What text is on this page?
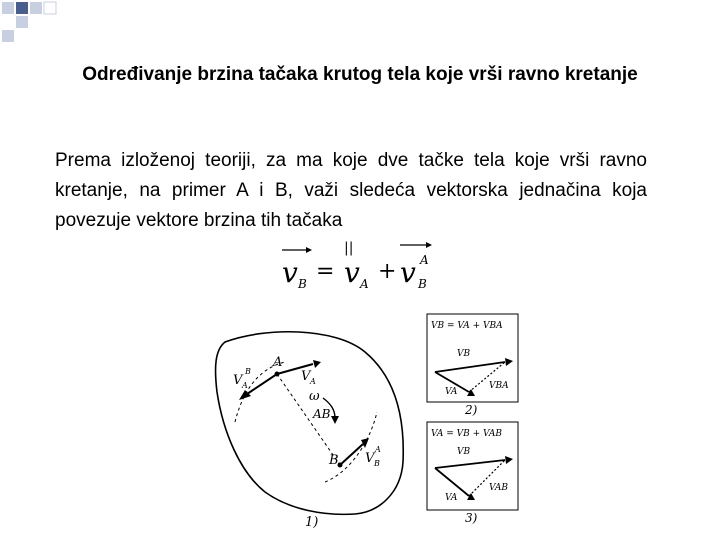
Određivanje brzina tačaka krutog tela koje vrši ravno kretanje
Prema izloženoj teoriji, za ma koje dve tačke tela koje vrši ravno kretanje, na primer A i B, važi sledeća vektorska jednačina koja povezuje vektore brzina tih tačaka
||
v B = v A + v B
A
A
B
ω
AB
V A
V A
B
V B
A
1)
VB = VA + VBA
VB
VA
VBA
2)
VA = VB + VAB
VB
VA
VAB
3)
